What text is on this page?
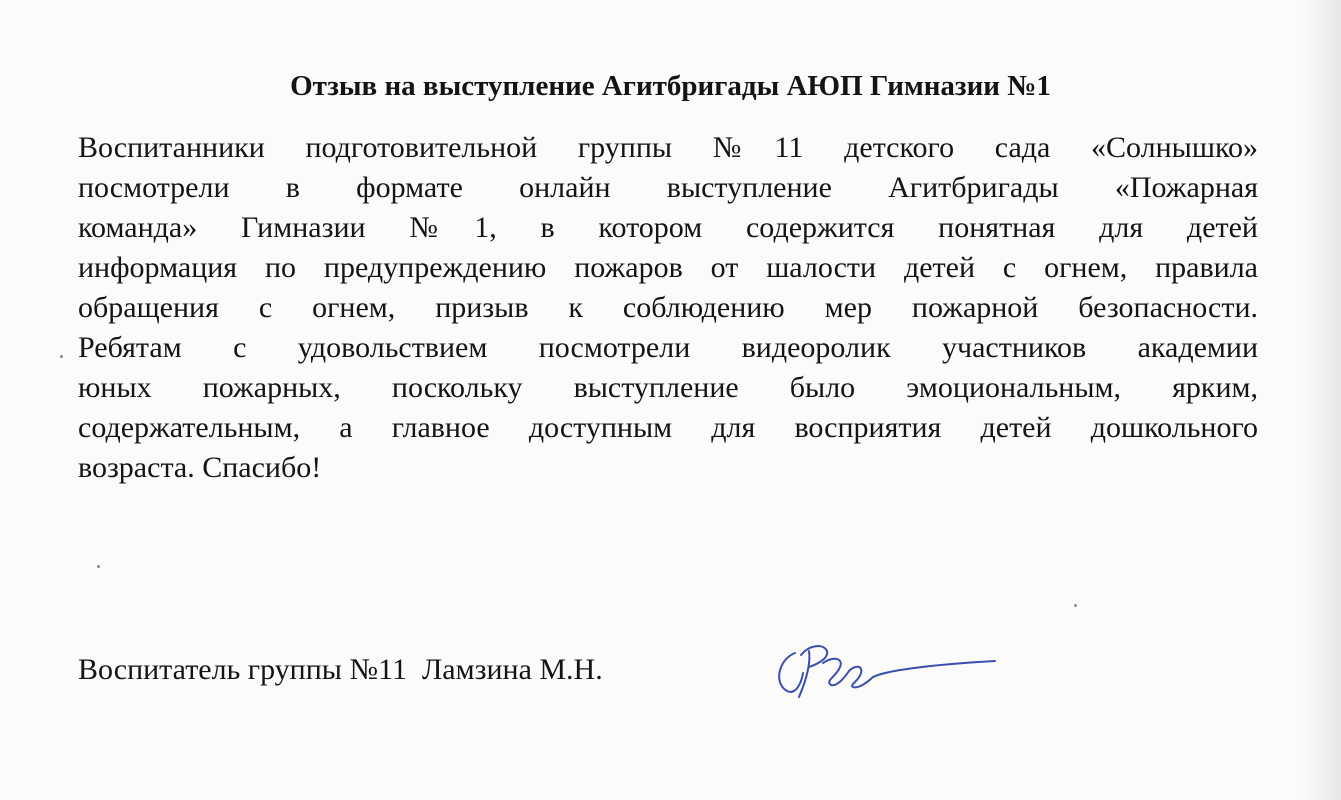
Отзыв на выступление Агитбригады АЮП Гимназии №1
Воспитанники подготовительной группы №11 детского сада «Солнышко»
посмотрели в формате онлайн выступление Агитбригады «Пожарная
команда» Гимназии №1, в котором содержится понятная для детей
информация по предупреждению пожаров от шалости детей с огнем, правила
обращения с огнем, призыв к соблюдению мер пожарной безопасности.
Ребятам с удовольствием посмотрели видеоролик участников академии
юных пожарных, поскольку выступление было эмоциональным, ярким,
содержательным, а главное доступным для восприятия детей дошкольного
возраста. Спасибо!
Воспитатель группы №11  Ламзина М.Н.
